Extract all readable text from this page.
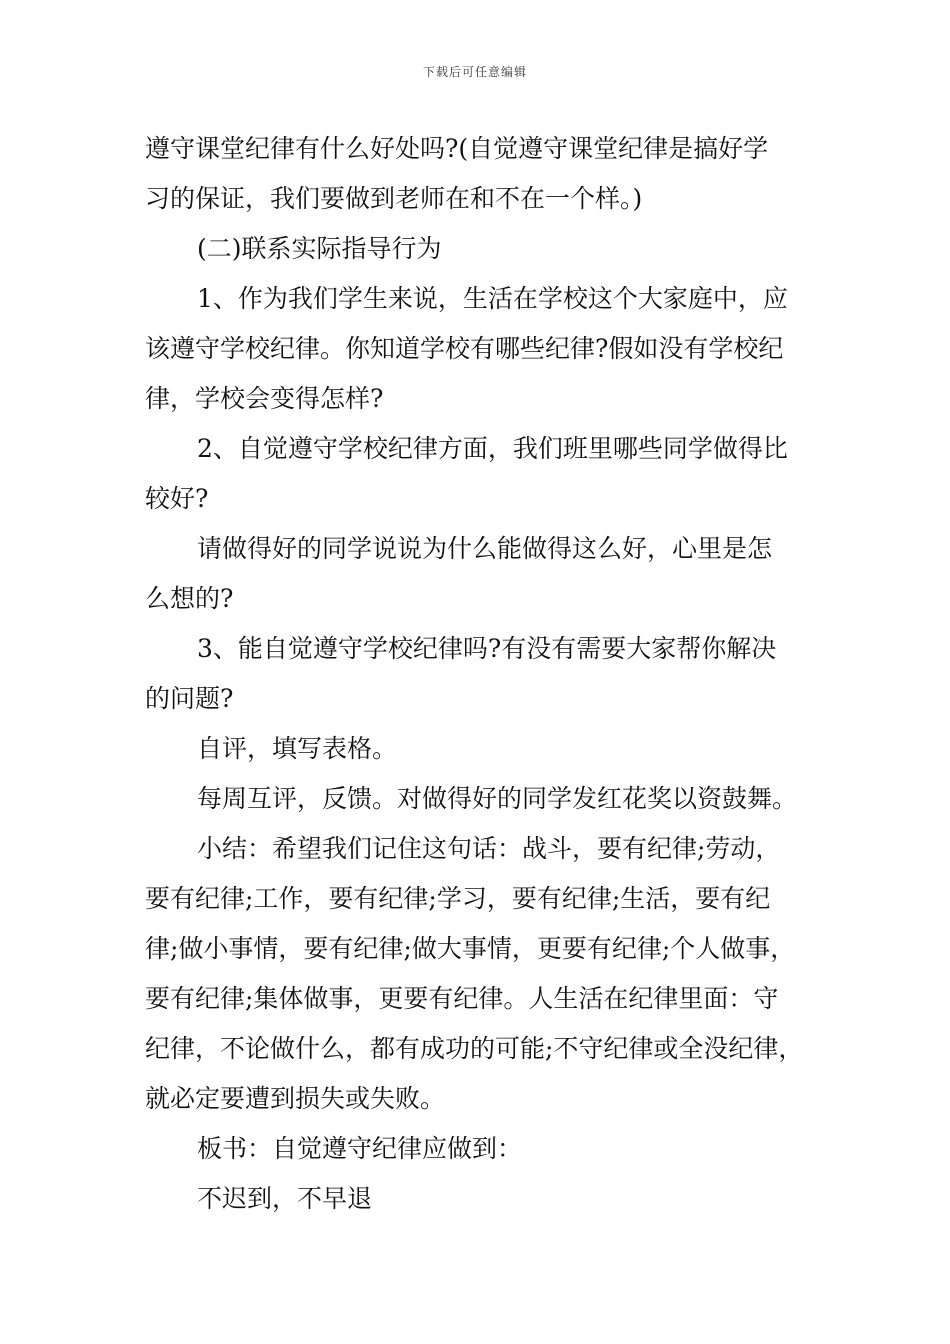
下载后可任意编辑
遵守课堂纪律有什么好处吗?(自觉遵守课堂纪律是搞好学
习的保证，我们要做到老师在和不在一个样。)
(二)联系实际指导行为
1、作为我们学生来说，生活在学校这个大家庭中，应
该遵守学校纪律。你知道学校有哪些纪律?假如没有学校纪
律，学校会变得怎样?
2、自觉遵守学校纪律方面，我们班里哪些同学做得比
较好?
请做得好的同学说说为什么能做得这么好，心里是怎
么想的?
3、能自觉遵守学校纪律吗?有没有需要大家帮你解决
的问题?
自评，填写表格。
每周互评，反馈。对做得好的同学发红花奖以资鼓舞。
小结：希望我们记住这句话：战斗，要有纪律;劳动，
要有纪律;工作，要有纪律;学习，要有纪律;生活，要有纪
律;做小事情，要有纪律;做大事情，更要有纪律;个人做事，
要有纪律;集体做事，更要有纪律。人生活在纪律里面：守
纪律，不论做什么，都有成功的可能;不守纪律或全没纪律，
就必定要遭到损失或失败。
板书：自觉遵守纪律应做到：
不迟到，不早退
